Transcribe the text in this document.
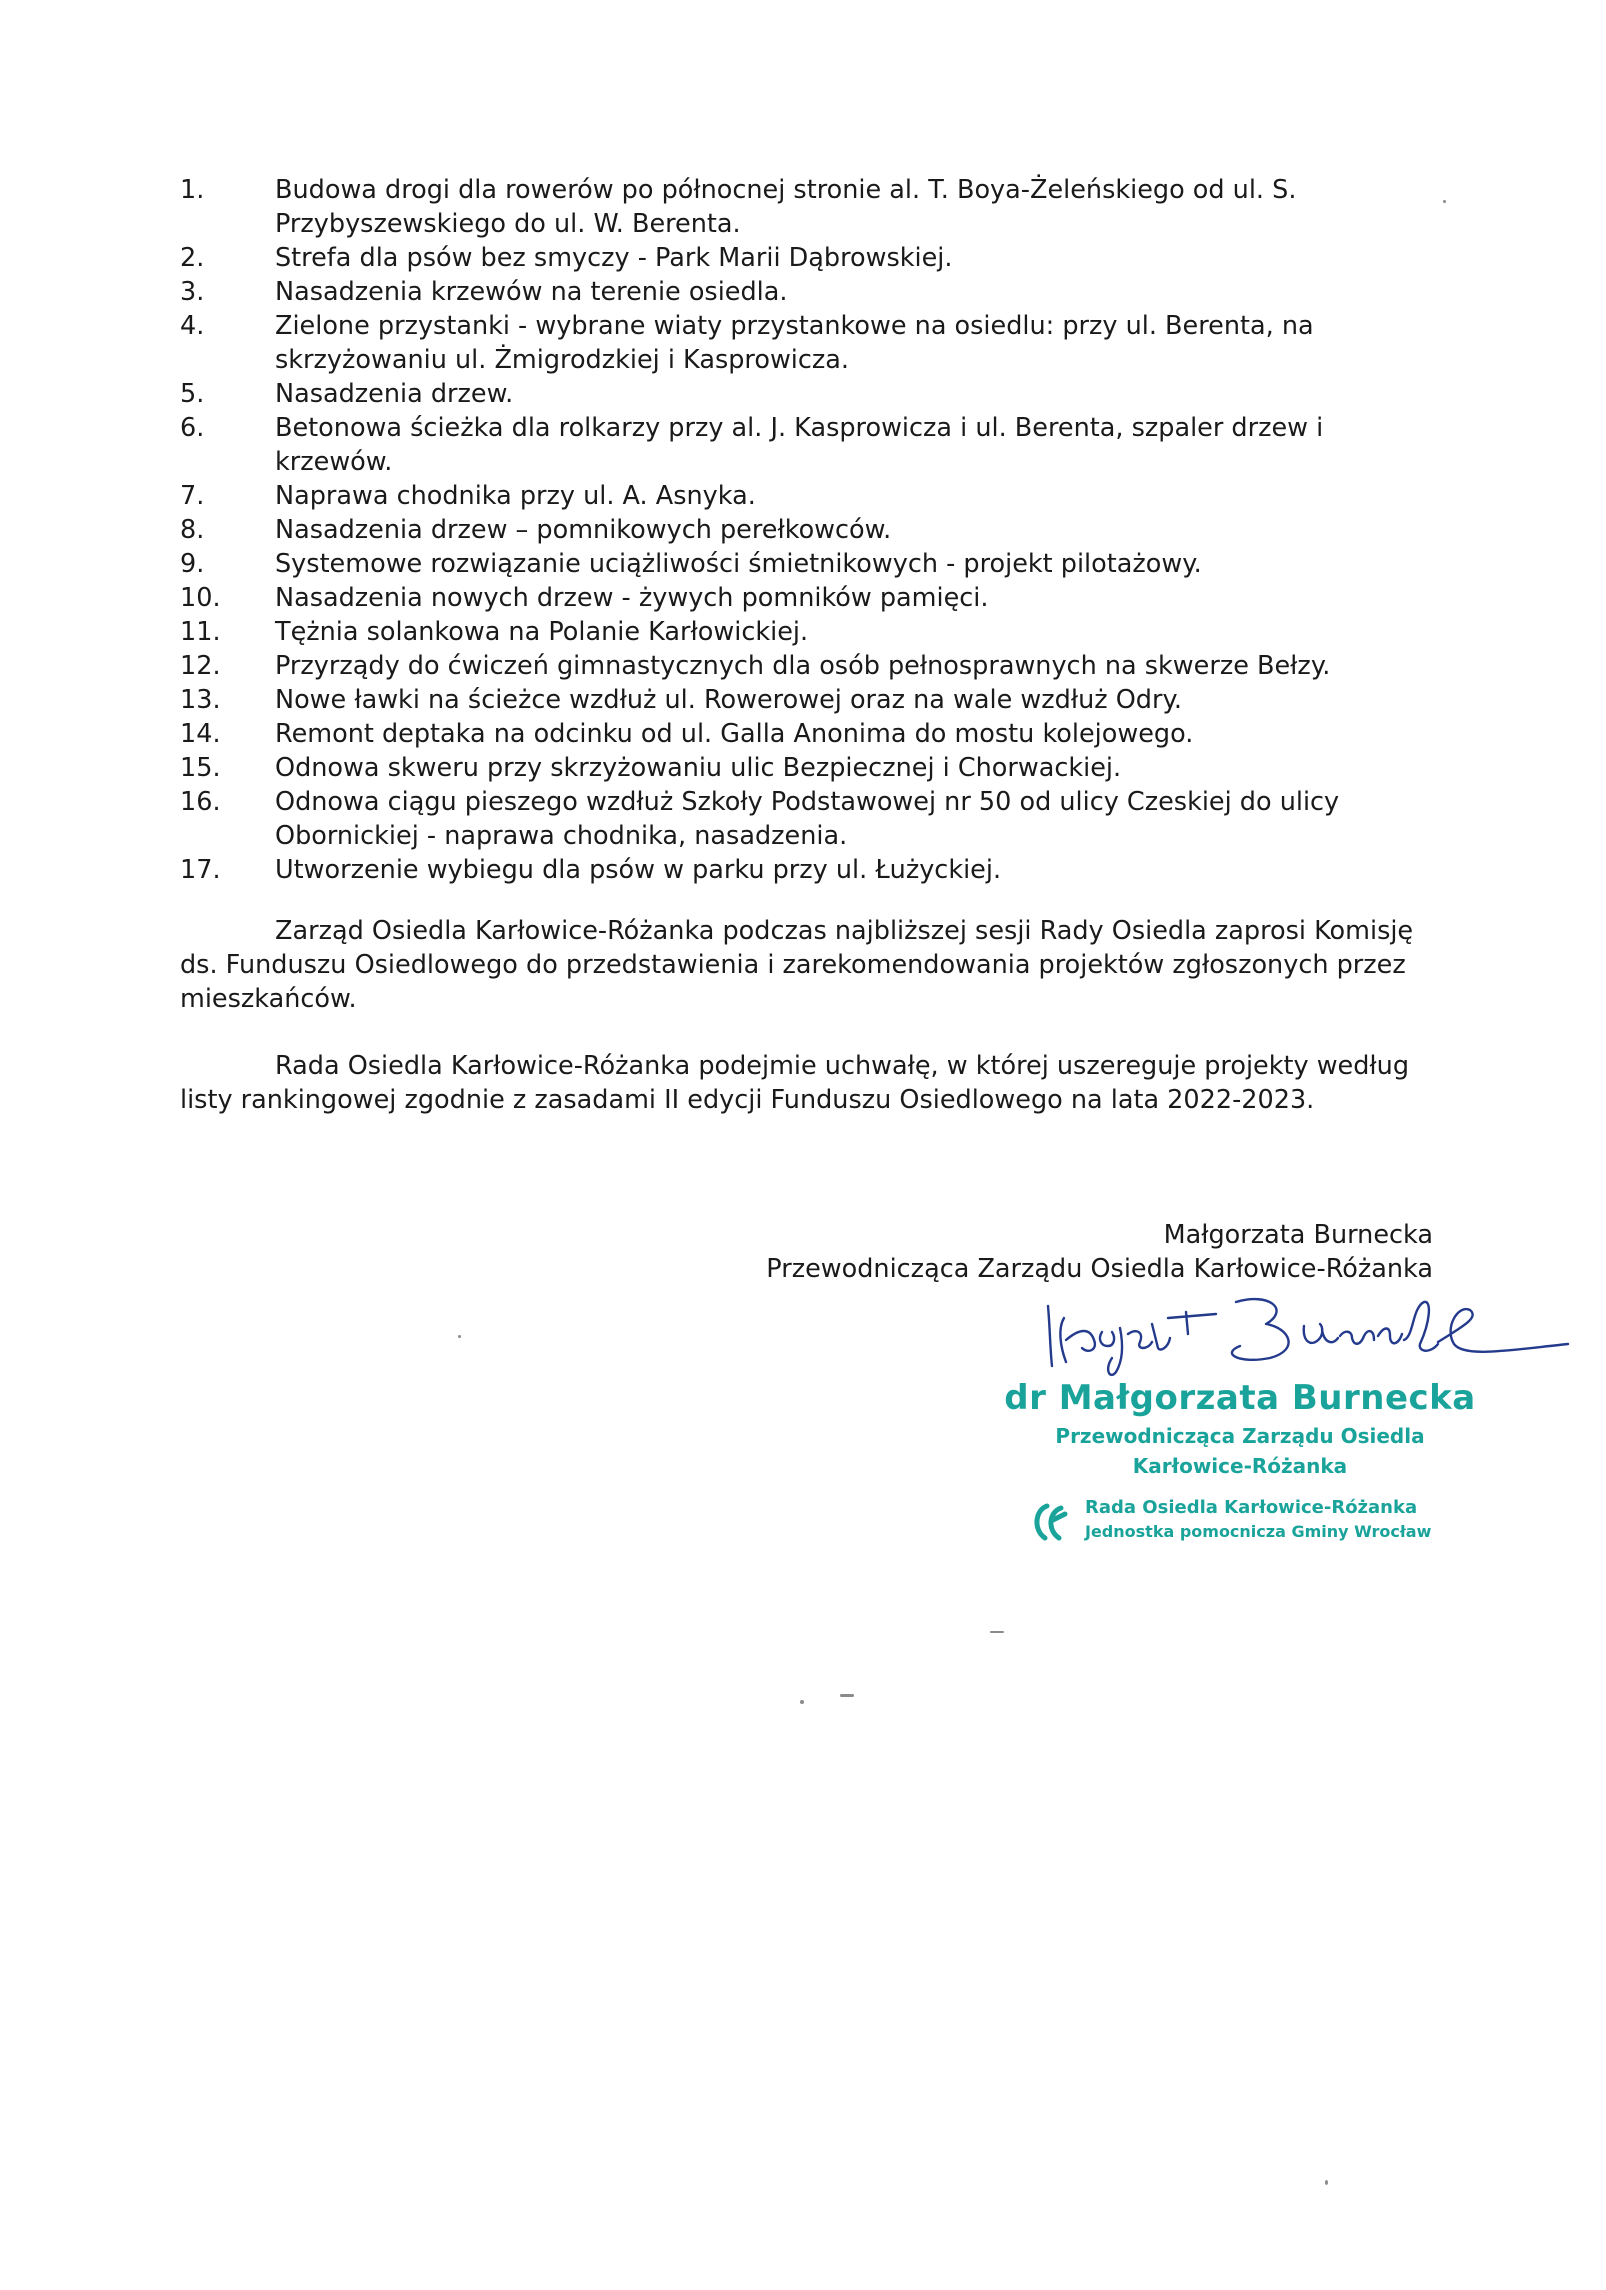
1.	Budowa drogi dla rowerów po północnej stronie al. T. Boya-Żeleńskiego od ul. S. Przybyszewskiego do ul. W. Berenta.
2.	Strefa dla psów bez smyczy - Park Marii Dąbrowskiej.
3.	Nasadzenia krzewów na terenie osiedla.
4.	Zielone przystanki - wybrane wiaty przystankowe na osiedlu: przy ul. Berenta, na skrzyżowaniu ul. Żmigrodzkiej i Kasprowicza.
5.	Nasadzenia drzew.
6.	Betonowa ścieżka dla rolkarzy przy al. J. Kasprowicza i ul. Berenta, szpaler drzew i krzewów.
7.	Naprawa chodnika przy ul. A. Asnyka.
8.	Nasadzenia drzew – pomnikowych perełkowców.
9.	Systemowe rozwiązanie uciążliwości śmietnikowych - projekt pilotażowy.
10. Nasadzenia nowych drzew - żywych pomników pamięci.
11. Tężnia solankowa na Polanie Karłowickiej.
12. Przyrządy do ćwiczeń gimnastycznych dla osób pełnosprawnych na skwerze Bełzy.
13. Nowe ławki na ścieżce wzdłuż ul. Rowerowej oraz na wale wzdłuż Odry.
14. Remont deptaka na odcinku od ul. Galla Anonima do mostu kolejowego.
15. Odnowa skweru przy skrzyżowaniu ulic Bezpiecznej i Chorwackiej.
16. Odnowa ciągu pieszego wzdłuż Szkoły Podstawowej nr 50 od ulicy Czeskiej do ulicy Obornickiej - naprawa chodnika, nasadzenia.
17. Utworzenie wybiegu dla psów w parku przy ul. Łużyckiej.

Zarząd Osiedla Karłowice-Różanka podczas najbliższej sesji Rady Osiedla zaprosi Komisję ds. Funduszu Osiedlowego do przedstawienia i zarekomendowania projektów zgłoszonych przez mieszkańców.

Rada Osiedla Karłowice-Różanka podejmie uchwałę, w której uszereguje projekty według listy rankingowej zgodnie z zasadami II edycji Funduszu Osiedlowego na lata 2022-2023.

Małgorzata Burnecka
Przewodnicząca Zarządu Osiedla Karłowice-Różanka
dr Małgorzata Burnecka
Przewodnicząca Zarządu Osiedla
Karłowice-Różanka
Rada Osiedla Karłowice-Różanka
Jednostka pomocnicza Gminy Wrocław
